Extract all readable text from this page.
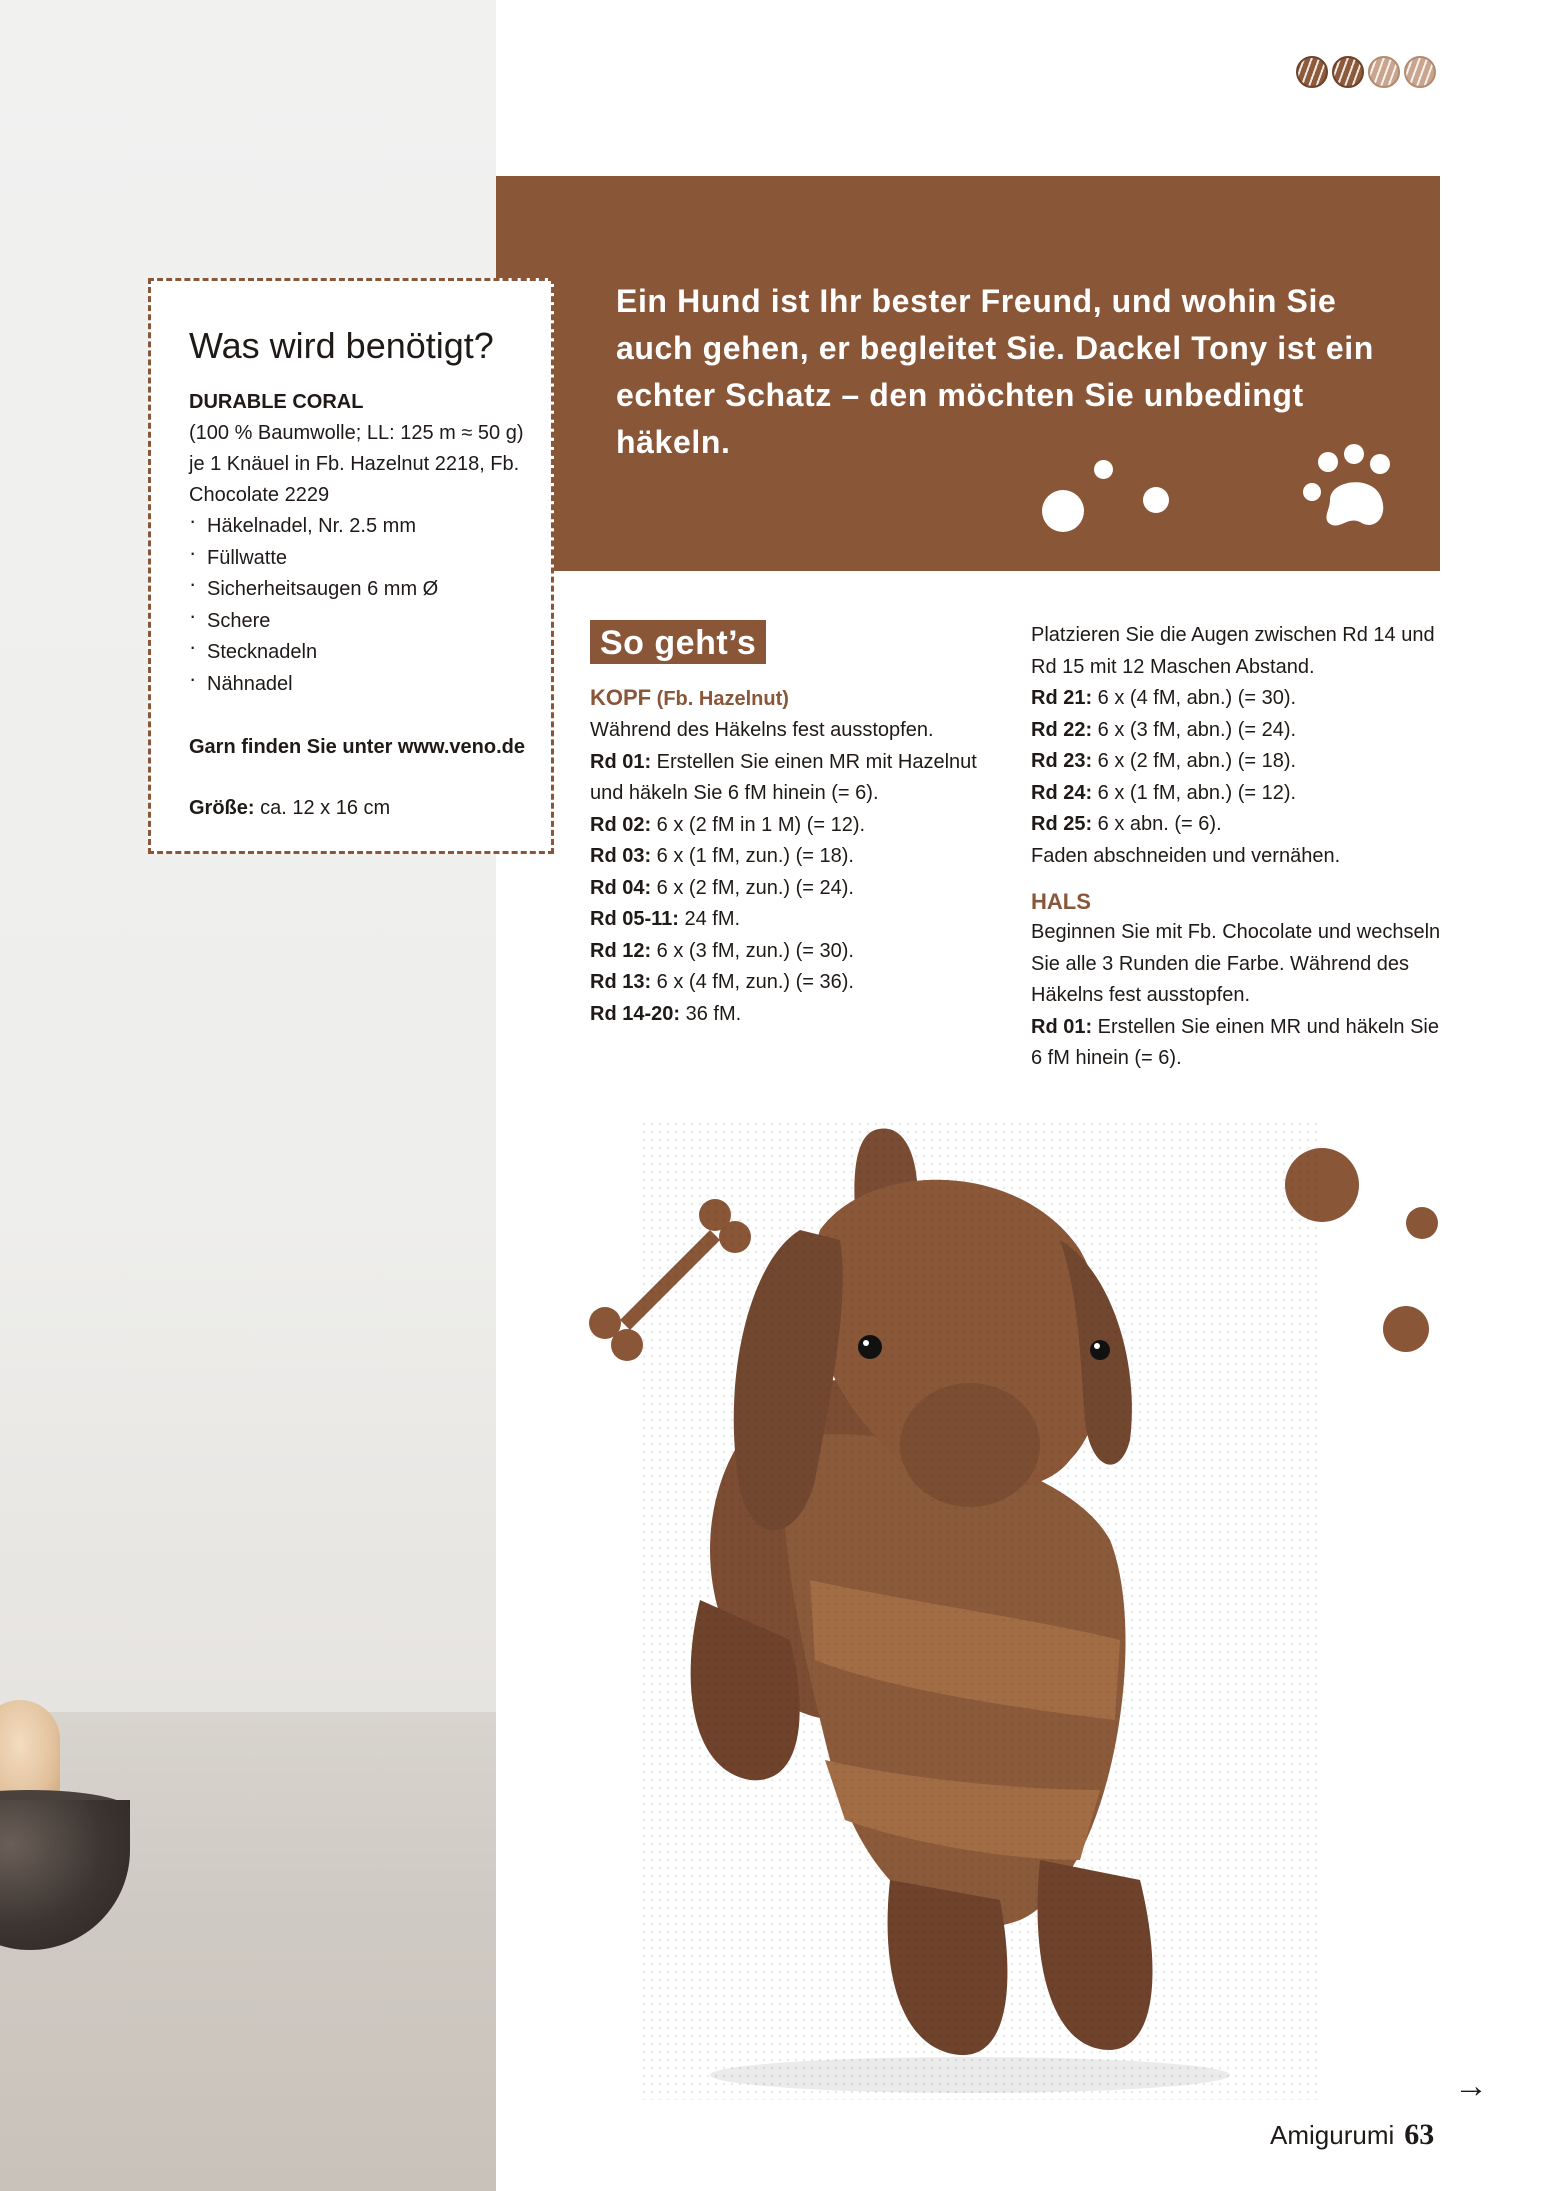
Ein Hund ist Ihr bester Freund, und wohin Sie auch gehen, er begleitet Sie. Dackel Tony ist ein echter Schatz – den möchten Sie unbedingt häkeln.

Was wird benötigt?

DURABLE CORAL

(100 % Baumwolle; LL: 125 m ≈ 50 g) je 1 Knäuel in Fb. Hazelnut 2218, Fb. Chocolate 2229

· Häkelnadel, Nr. 2.5 mm
· Füllwatte
· Sicherheitsaugen 6 mm Ø
· Schere
· Stecknadeln
· Nähnadel

Garn finden Sie unter www.veno.de

Größe: ca. 12 x 16 cm

So geht’s

KOPF (Fb. Hazelnut)

Während des Häkelns fest ausstopfen.
Rd 01: Erstellen Sie einen MR mit Hazelnut und häkeln Sie 6 fM hinein (= 6).
Rd 02: 6 x (2 fM in 1 M) (= 12).
Rd 03: 6 x (1 fM, zun.) (= 18).
Rd 04: 6 x (2 fM, zun.) (= 24).
Rd 05-11: 24 fM.
Rd 12: 6 x (3 fM, zun.) (= 30).
Rd 13: 6 x (4 fM, zun.) (= 36).
Rd 14-20: 36 fM.
Platzieren Sie die Augen zwischen Rd 14 und Rd 15 mit 12 Maschen Abstand.
Rd 21: 6 x (4 fM, abn.) (= 30).
Rd 22: 6 x (3 fM, abn.) (= 24).
Rd 23: 6 x (2 fM, abn.) (= 18).
Rd 24: 6 x (1 fM, abn.) (= 12).
Rd 25: 6 x abn. (= 6).
Faden abschneiden und vernähen.

HALS

Beginnen Sie mit Fb. Chocolate und wechseln Sie alle 3 Runden die Farbe. Während des Häkelns fest ausstopfen.
Rd 01: Erstellen Sie einen MR und häkeln Sie 6 fM hinein (= 6).
→
Amigurumi 63
